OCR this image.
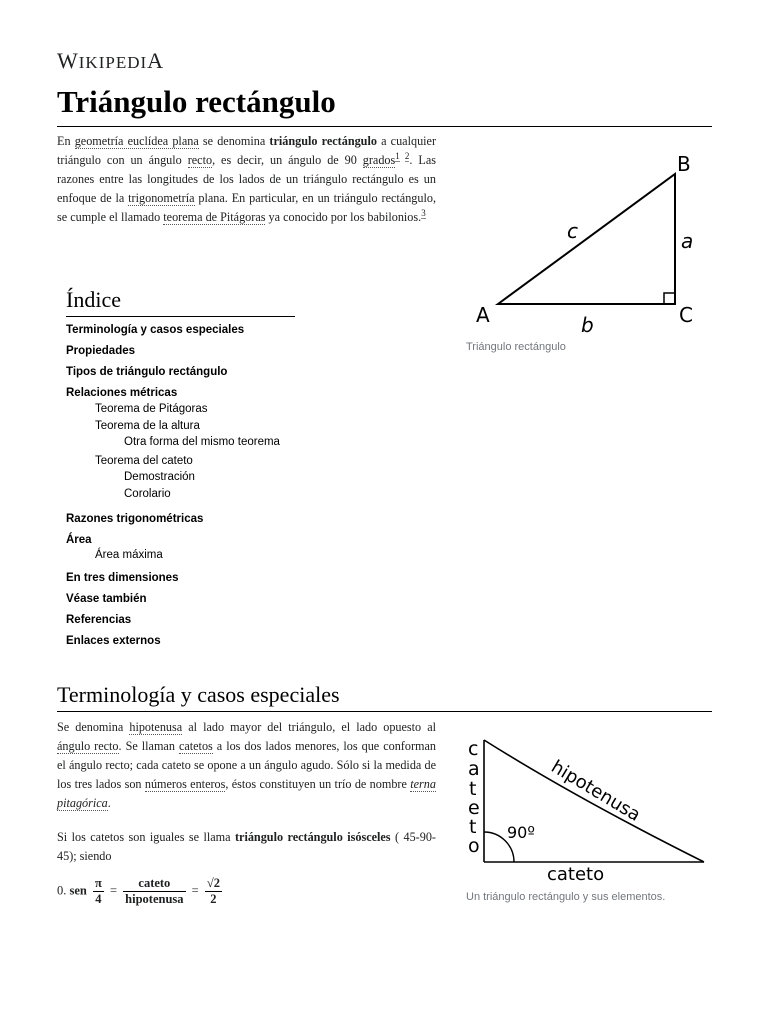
WIKIPEDIA
Triángulo rectángulo
En geometría euclídea plana se denomina triángulo rectángulo a cualquier triángulo con un ángulo recto, es decir, un ángulo de 90 grados$^{1 2}$. Las razones entre las longitudes de los lados de un triángulo rectángulo es un enfoque de la trigonometría plana. En particular, en un triángulo rectángulo, se cumple el llamado teorema de Pitágoras ya conocido por los babilonios.$^3$
B
A	C
a
b
c
Triángulo rectángulo
Índice
Terminología y casos especiales
Propiedades
Tipos de triángulo rectángulo
Relaciones métricas
Teorema de Pitágoras
Teorema de la altura
Otra forma del mismo teorema
Teorema del cateto
Demostración
Corolario
Razones trigonométricas
Área
Área máxima
En tres dimensiones
Véase también
Referencias
Enlaces externos
Terminología y casos especiales
Se denomina hipotenusa al lado mayor del triángulo, el lado opuesto al ángulo recto. Se llaman catetos a los dos lados menores, los que conforman el ángulo recto; cada cateto se opone a un ángulo agudo. Sólo si la medida de los tres lados son números enteros, éstos constituyen un trío de nombre terna pitagórica.
Si los catetos son iguales se llama triángulo rectángulo isósceles ( 45-90-45); siendo
0. sen $\frac{\pi}{4} = \frac{\text{cateto}}{\text{hipotenusa}} = \frac{√2}{2}$
c
a
t
e
t
o
hipotenusa
90º
cateto
Un triángulo rectángulo y sus elementos.
